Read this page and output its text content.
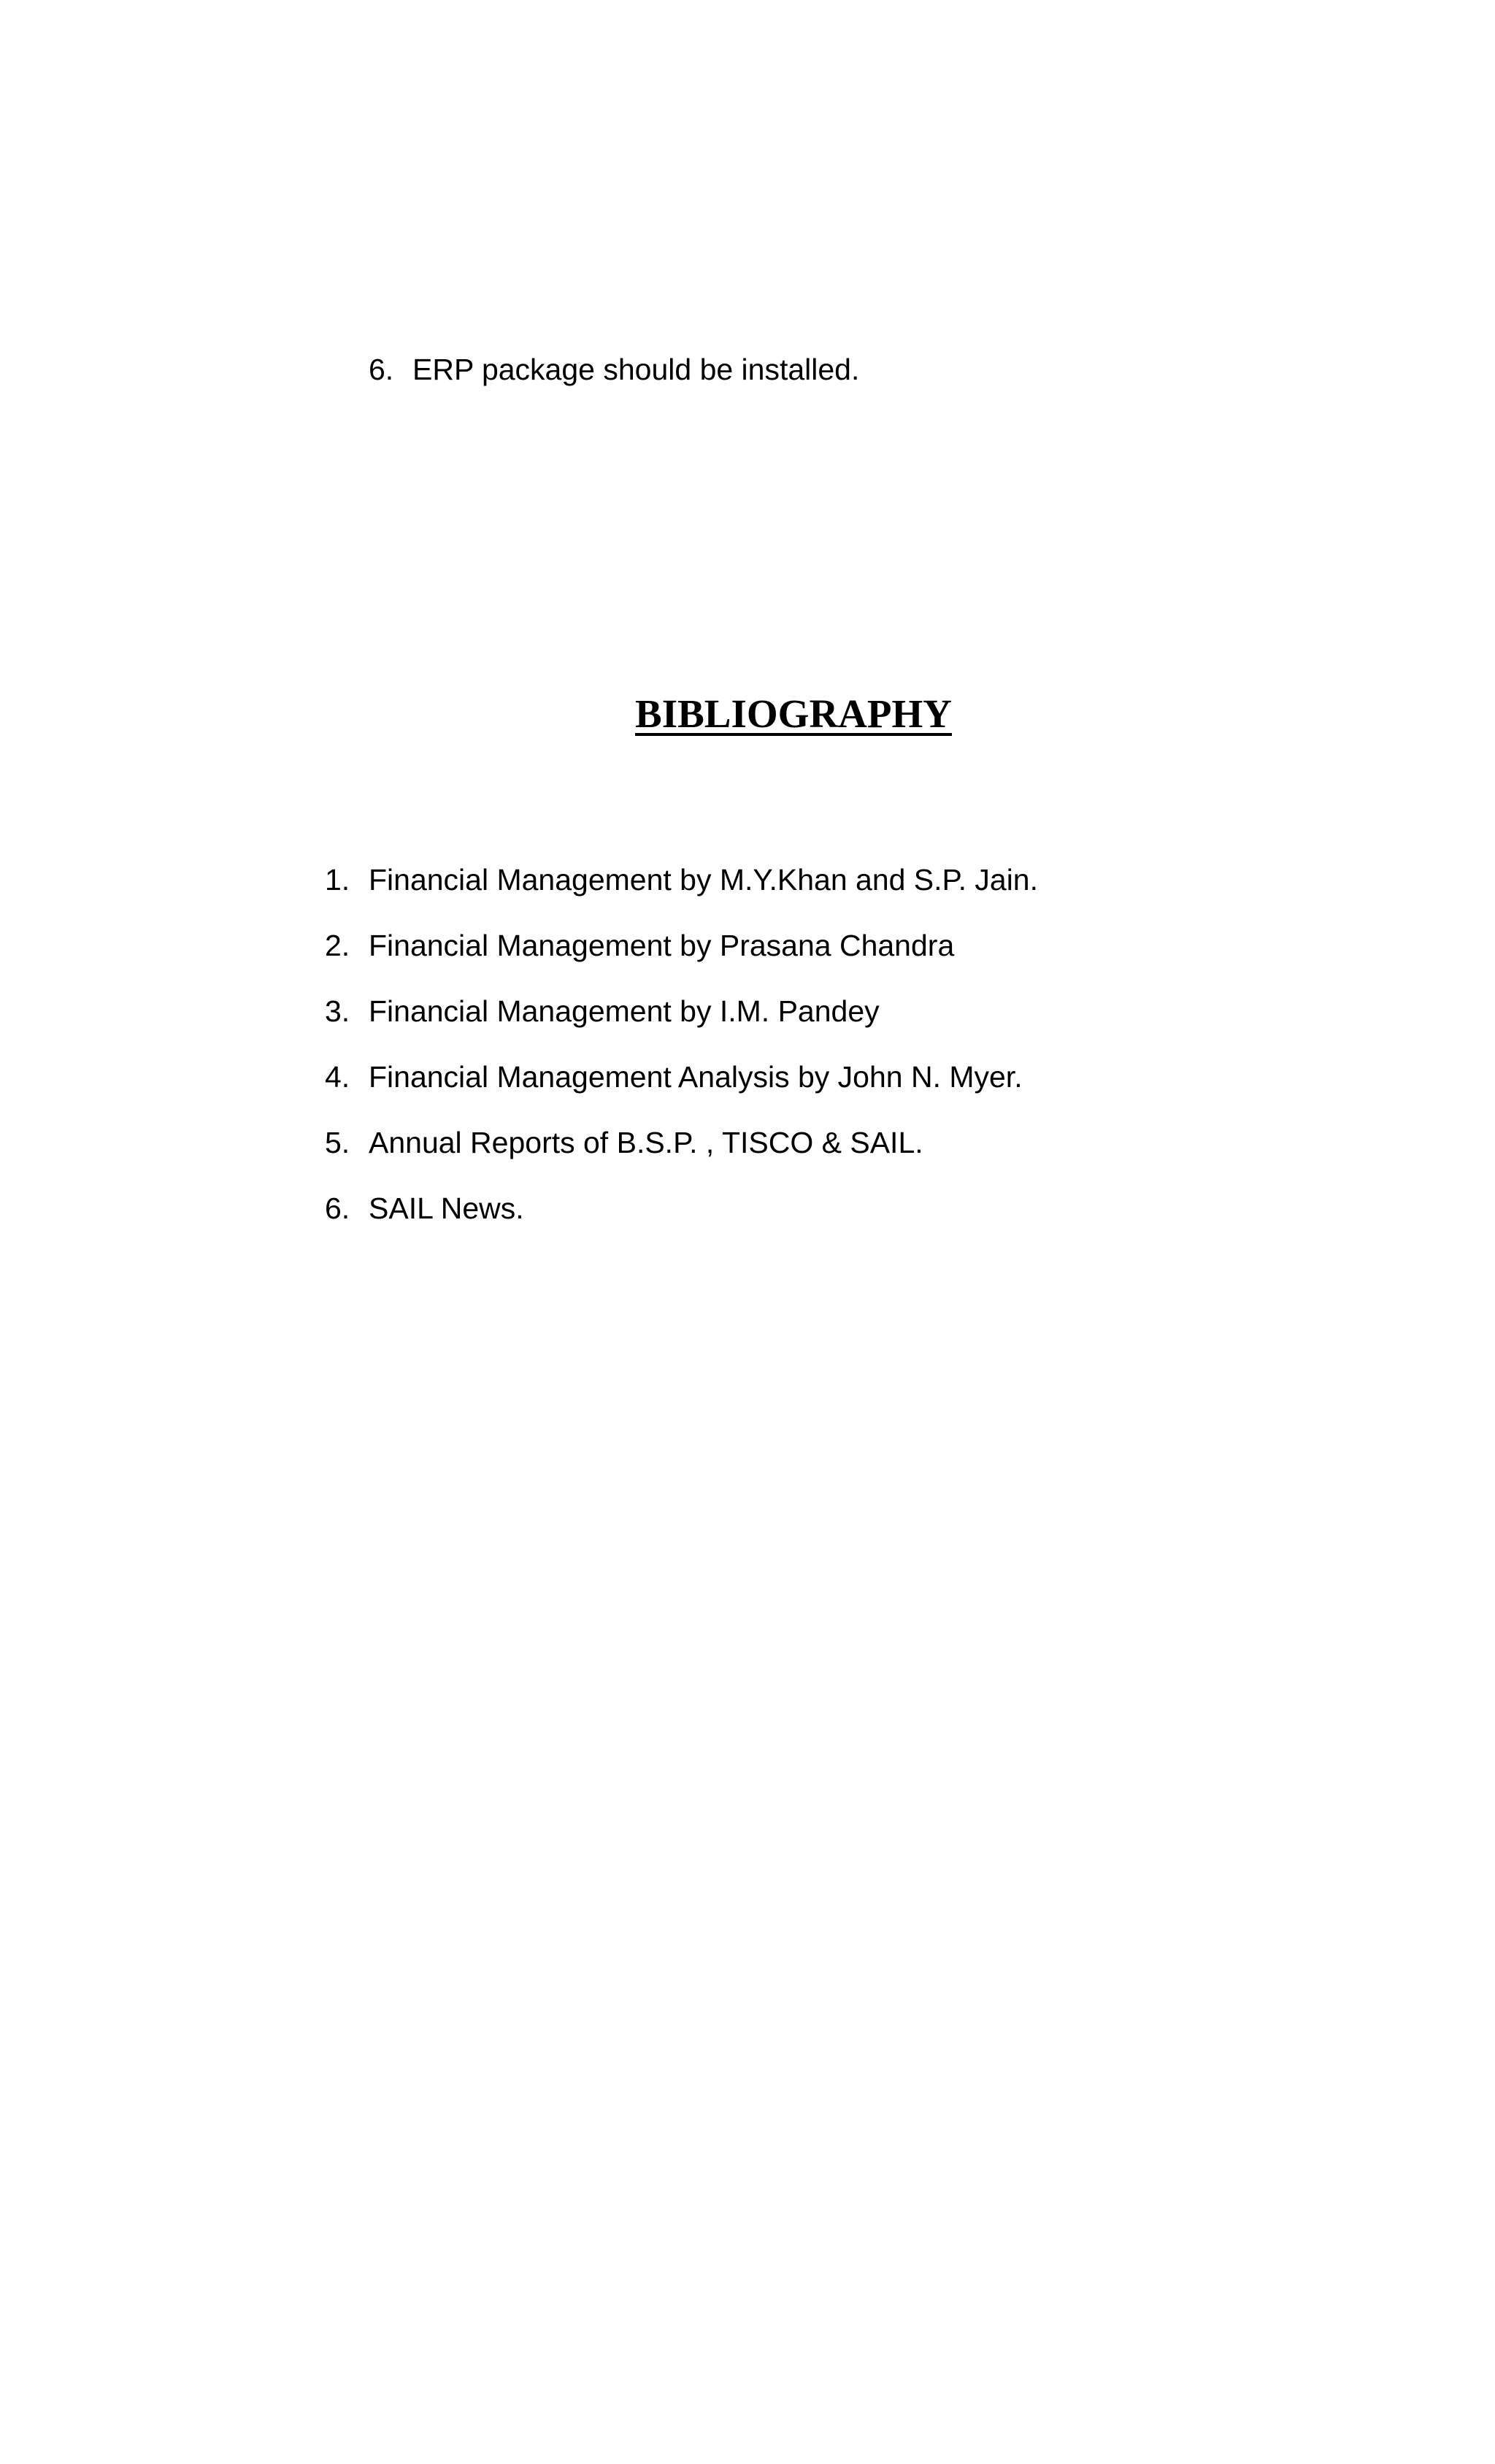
6. ERP package should be installed.
BIBLIOGRAPHY
1. Financial Management by M.Y.Khan and S.P. Jain.
2. Financial Management by Prasana Chandra
3. Financial Management by I.M. Pandey
4. Financial Management Analysis by John N. Myer.
5. Annual Reports of B.S.P. , TISCO & SAIL.
6. SAIL News.
